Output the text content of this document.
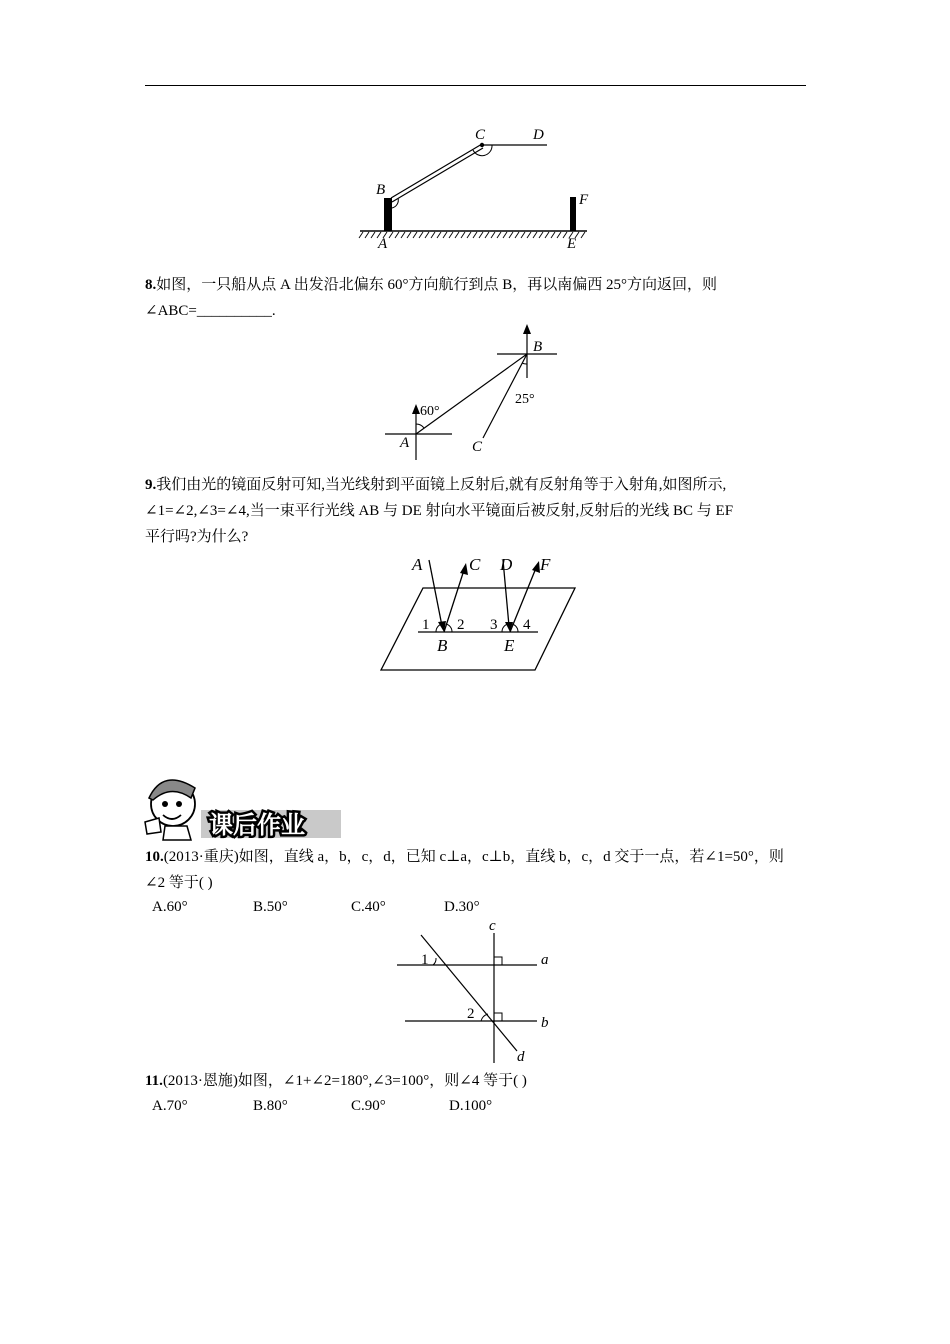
C	D
B
F
A	E
8.如图，一只船从点 A 出发沿北偏东 60°方向航行到点 B，再以南偏西 25°方向返回，则
∠ABC=__________.
B
A	C
60°
25°
9.我们由光的镜面反射可知,当光线射到平面镜上反射后,就有反射角等于入射角,如图所示,
∠1=∠2,∠3=∠4,当一束平行光线 AB 与 DE 射向水平镜面后被反射,反射后的光线 BC 与 EF
平行吗?为什么?
A	C D F
1 2 3 4
B	E
课后作业
10.(2013·重庆)如图，直线 a，b，c，d，已知 c⊥a，c⊥b，直线 b，c，d 交于一点，若∠1=50°，则
∠2 等于( )
A.60°	B.50°	C.40°	D.30°
c
a
b
d
1
2
11.(2013·恩施)如图，∠1+∠2=180°,∠3=100°，则∠4 等于( )
A.70°	B.80°	C.90°	D.100°
